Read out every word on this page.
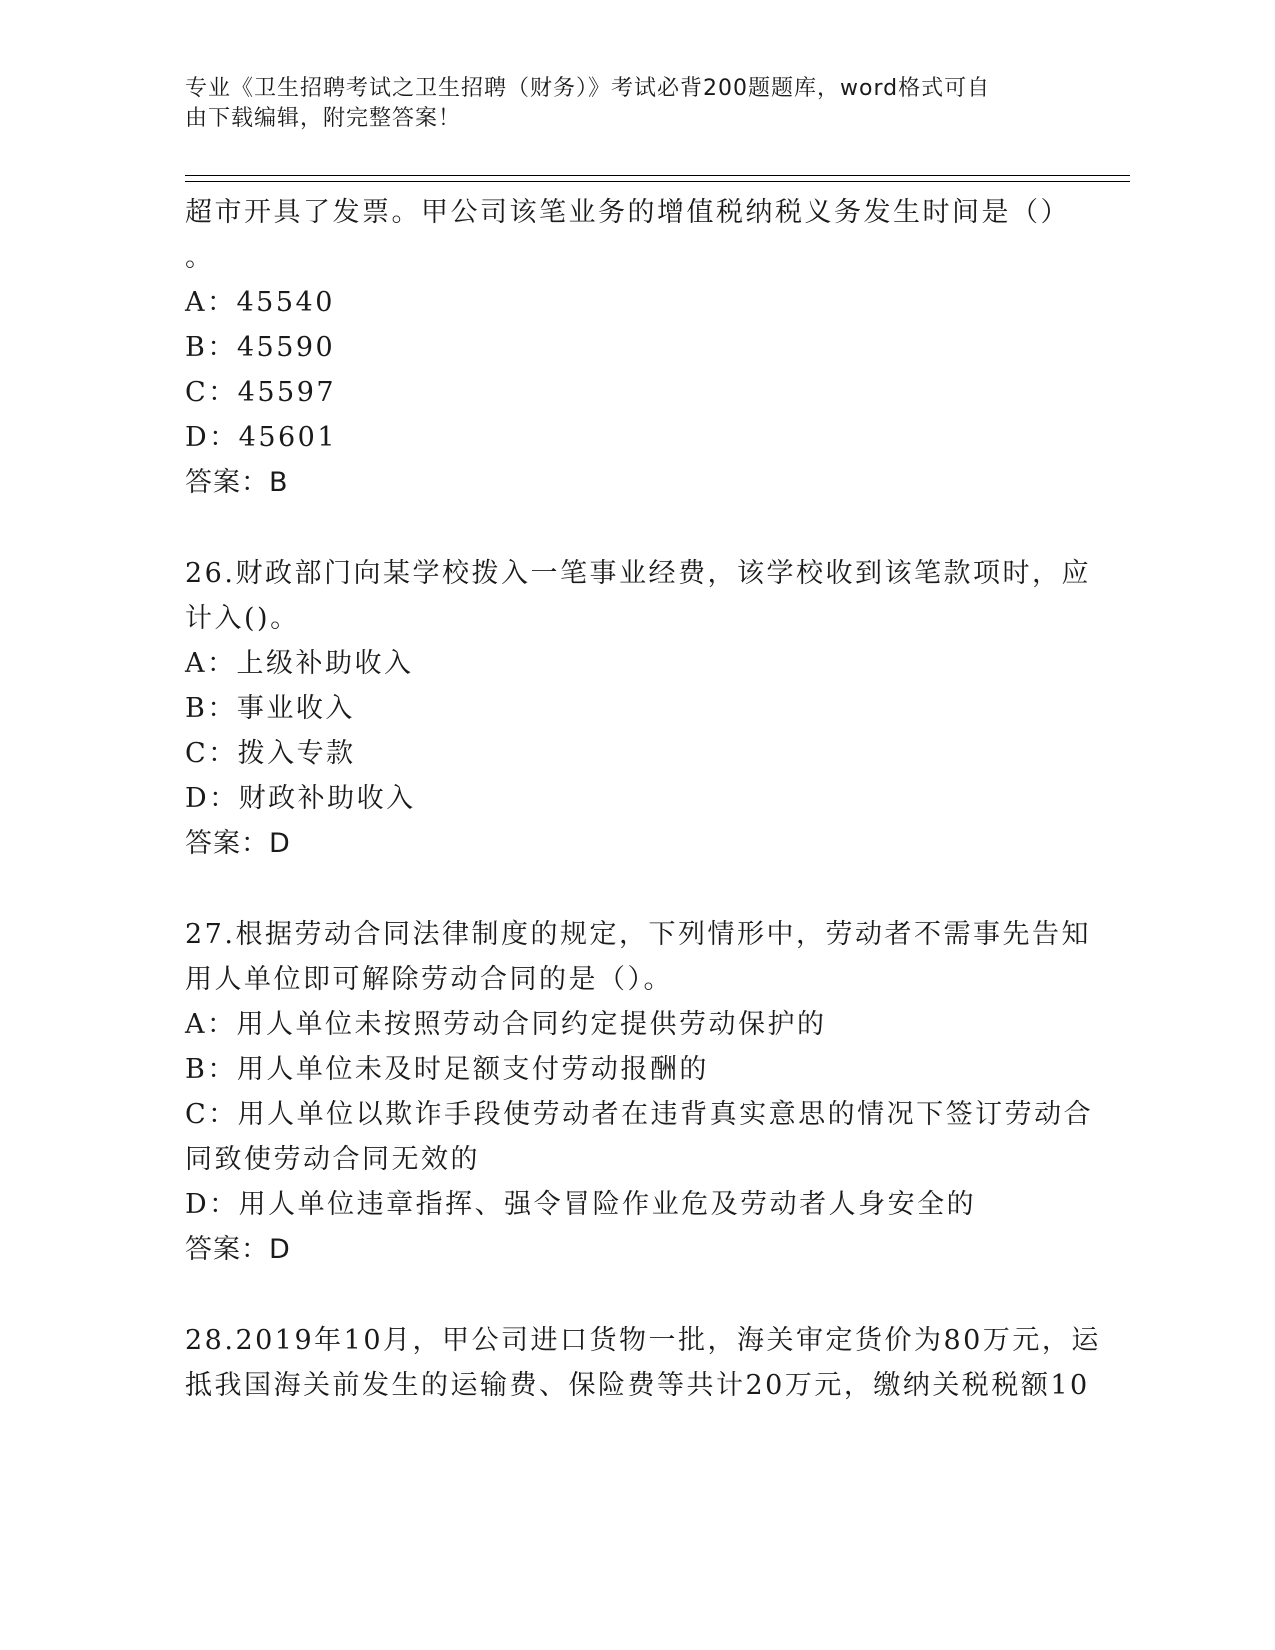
专业《卫生招聘考试之卫生招聘（财务）》考试必背200题题库，word格式可自
由下载编辑，附完整答案！
超市开具了发票。甲公司该笔业务的增值税纳税义务发生时间是（）
。
A：45540
B：45590
C：45597
D：45601
答案：B
26.财政部门向某学校拨入一笔事业经费，该学校收到该笔款项时，应
计入()。
A：上级补助收入
B：事业收入
C：拨入专款
D：财政补助收入
答案：D
27.根据劳动合同法律制度的规定，下列情形中，劳动者不需事先告知
用人单位即可解除劳动合同的是（）。
A：用人单位未按照劳动合同约定提供劳动保护的
B：用人单位未及时足额支付劳动报酬的
C：用人单位以欺诈手段使劳动者在违背真实意思的情况下签订劳动合
同致使劳动合同无效的
D：用人单位违章指挥、强令冒险作业危及劳动者人身安全的
答案：D
28.2019年10月，甲公司进口货物一批，海关审定货价为80万元，运
抵我国海关前发生的运输费、保险费等共计20万元，缴纳关税税额10
